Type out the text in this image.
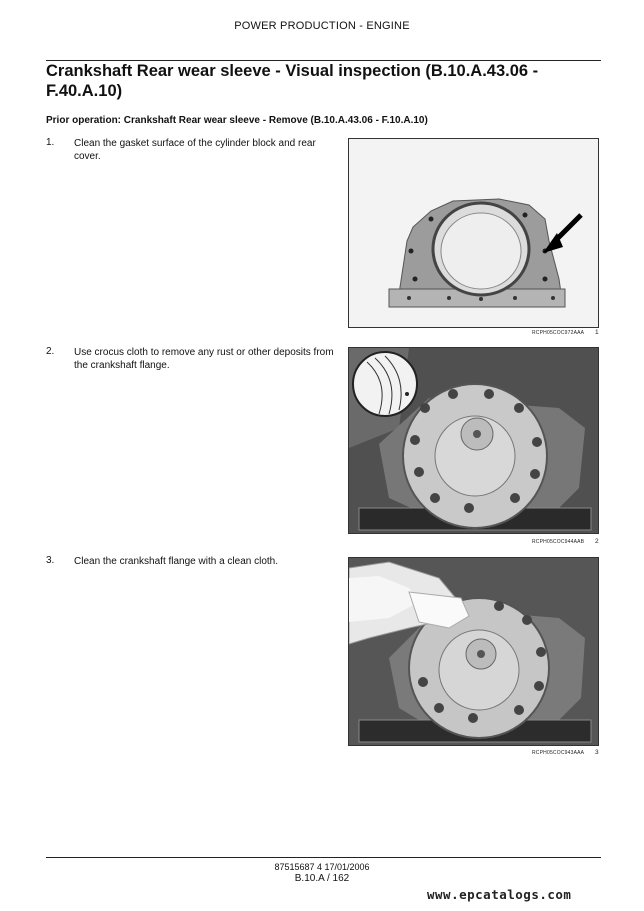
POWER PRODUCTION - ENGINE
Crankshaft Rear wear sleeve - Visual inspection (B.10.A.43.06 - F.40.A.10)
Prior operation: Crankshaft Rear wear sleeve - Remove (B.10.A.43.06 - F.10.A.10)
1. Clean the gasket surface of the cylinder block and rear cover.
RCPH05COC972AAA 1
2. Use crocus cloth to remove any rust or other deposits from the crankshaft flange.
RCPH05COC944AAB 2
3. Clean the crankshaft flange with a clean cloth.
RCPH05COC943AAA 3
87515687 4 17/01/2006
B.10.A / 162
www.epcatalogs.com
